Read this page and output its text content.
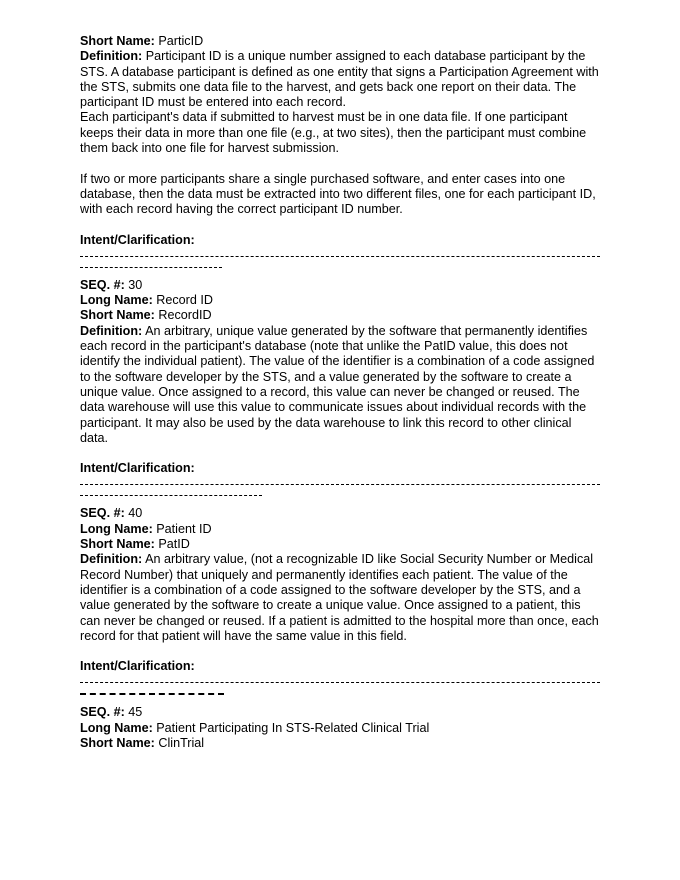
Short Name: ParticID

Definition: Participant ID is a unique number assigned to each database participant by the STS. A database participant is defined as one entity that signs a Participation Agreement with the STS, submits one data file to the harvest, and gets back one report on their data. The participant ID must be entered into each record.

Each participant's data if submitted to harvest must be in one data file. If one participant keeps their data in more than one file (e.g., at two sites), then the participant must combine them back into one file for harvest submission.

If two or more participants share a single purchased software, and enter cases into one database, then the data must be extracted into two different files, one for each participant ID, with each record having the correct participant ID number.

Intent/Clarification:

SEQ. #: 30

Long Name: Record ID

Short Name: RecordID

Definition: An arbitrary, unique value generated by the software that permanently identifies each record in the participant's database (note that unlike the PatID value, this does not identify the individual patient). The value of the identifier is a combination of a code assigned to the software developer by the STS, and a value generated by the software to create a unique value. Once assigned to a record, this value can never be changed or reused. The data warehouse will use this value to communicate issues about individual records with the participant. It may also be used by the data warehouse to link this record to other clinical data.

Intent/Clarification:

SEQ. #: 40

Long Name: Patient ID

Short Name: PatID

Definition: An arbitrary value, (not a recognizable ID like Social Security Number or Medical Record Number) that uniquely and permanently identifies each patient. The value of the identifier is a combination of a code assigned to the software developer by the STS, and a value generated by the software to create a unique value. Once assigned to a patient, this can never be changed or reused. If a patient is admitted to the hospital more than once, each record for that patient will have the same value in this field.

Intent/Clarification:

SEQ. #: 45

Long Name: Patient Participating In STS-Related Clinical Trial

Short Name: ClinTrial
